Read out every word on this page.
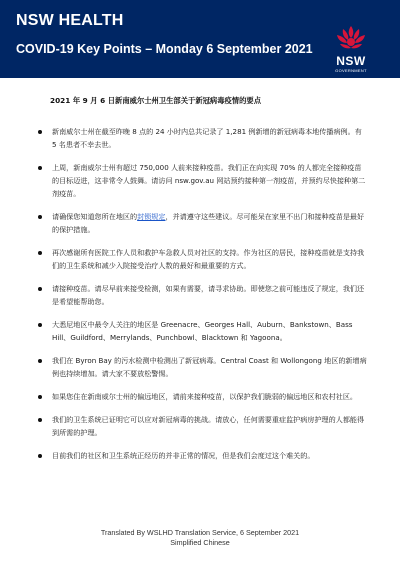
NSW HEALTH
COVID-19 Key Points – Monday 6 September 2021
NSW
GOVERNMENT
2021 年 9 月 6 日新南威尔士州卫生部关于新冠病毒疫情的要点
新南威尔士州在截至昨晚 8 点的 24 小时内总共记录了 1,281 例新增的新冠病毒本地传播病例。有 5 名患者不幸去世。
上周，新南威尔士州有超过 750,000 人前来接种疫苗。我们正在向实现 70% 的人都完全接种疫苗的目标迈进，这非常令人鼓舞。请访问 nsw.gov.au 网站预约接种第一剂疫苗，并预约尽快接种第二剂疫苗。
请确保您知道您所在地区的封锁规定，并请遵守这些建议。尽可能呆在家里不出门和接种疫苗是最好的保护措施。
再次感谢所有医院工作人员和救护车急救人员对社区的支持。作为社区的居民，接种疫苗就是支持我们的卫生系统和减少入院接受治疗人数的最好和最重要的方式。
请接种疫苗。请尽早前来接受检测，如果有需要，请寻求协助。即使您之前可能违反了规定，我们还是希望能帮助您。
大悉尼地区中最令人关注的地区是 Greenacre、Georges Hall、Auburn、Bankstown、Bass Hill、Guildford、Merrylands、Punchbowl、Blacktown 和 Yagoona。
我们在 Byron Bay 的污水检测中检测出了新冠病毒。Central Coast 和 Wollongong 地区的新增病例也持续增加。请大家不要放松警惕。
如果您住在新南威尔士州的偏远地区，请前来接种疫苗，以保护我们脆弱的偏远地区和农村社区。
我们的卫生系统已证明它可以应对新冠病毒的挑战。请放心，任何需要重症监护病房护理的人都能得到所需的护理。
目前我们的社区和卫生系统正经历的并非正常的情况，但是我们会度过这个难关的。
Translated By WSLHD Translation Service, 6 September 2021
Simplified Chinese
